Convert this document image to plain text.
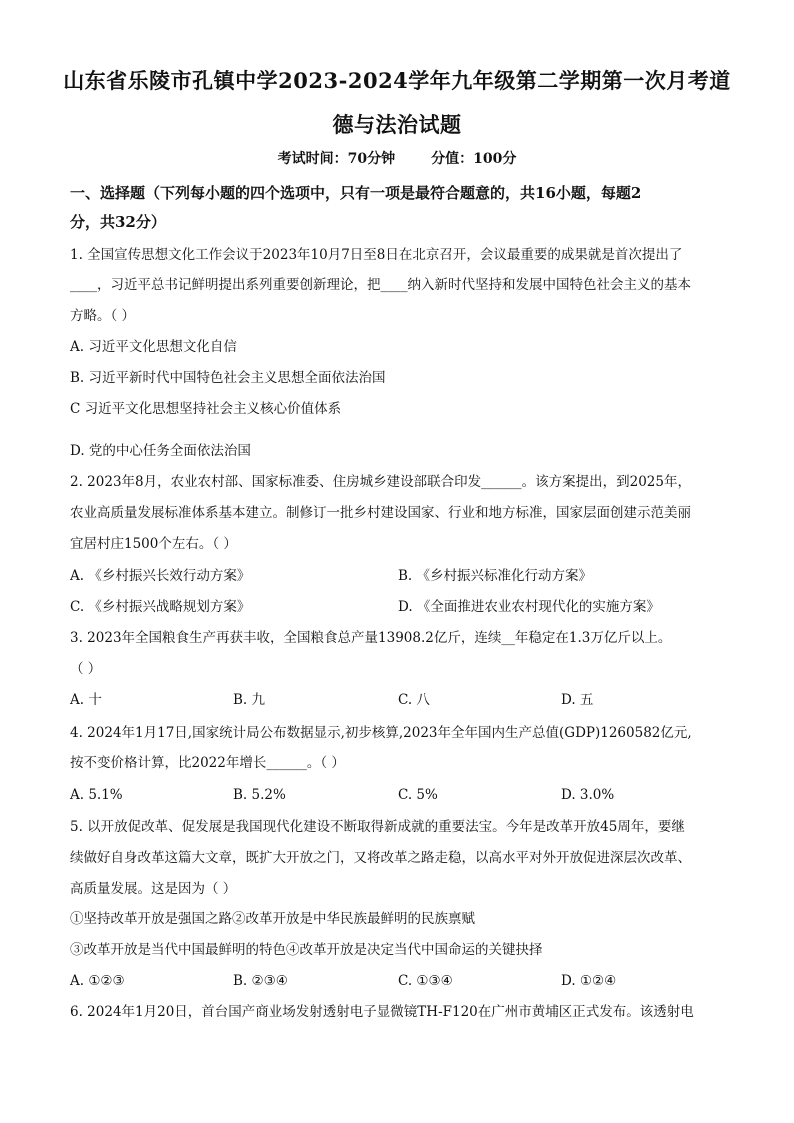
山东省乐陵市孔镇中学2023-2024学年九年级第二学期第一次月考道
德与法治试题
考试时间：70分钟	分值：100分
一、选择题（下列每小题的四个选项中，只有一项是最符合题意的，共16小题，每题2
分，共32分）
1. 全国宣传思想文化工作会议于2023年10月7日至8日在北京召开，会议最重要的成果就是首次提出了
____，习近平总书记鲜明提出系列重要创新理论，把____纳入新时代坚持和发展中国特色社会主义的基本
方略。（ ）
A. 习近平文化思想文化自信
B. 习近平新时代中国特色社会主义思想全面依法治国
C 习近平文化思想坚持社会主义核心价值体系
D. 党的中心任务全面依法治国
2. 2023年8月，农业农村部、国家标准委、住房城乡建设部联合印发______。该方案提出，到2025年，
农业高质量发展标准体系基本建立。制修订一批乡村建设国家、行业和地方标准，国家层面创建示范美丽
宜居村庄1500个左右。（ ）
A. 《乡村振兴长效行动方案》	B. 《乡村振兴标准化行动方案》
C. 《乡村振兴战略规划方案》	D. 《全面推进农业农村现代化的实施方案》
3. 2023年全国粮食生产再获丰收，全国粮食总产量13908.2亿斤，连续__年稳定在1.3万亿斤以上。
（ ）
A. 十	B. 九	C. 八	D. 五
4. 2024年1月17日,国家统计局公布数据显示,初步核算,2023年全年国内生产总值(GDP)1260582亿元,
按不变价格计算，比2022年增长______。（ ）
A. 5.1%	B. 5.2%	C. 5%	D. 3.0%
5. 以开放促改革、促发展是我国现代化建设不断取得新成就的重要法宝。今年是改革开放45周年，要继
续做好自身改革这篇大文章，既扩大开放之门，又将改革之路走稳，以高水平对外开放促进深层次改革、
高质量发展。这是因为（ ）
①坚持改革开放是强国之路②改革开放是中华民族最鲜明的民族禀赋
③改革开放是当代中国最鲜明的特色④改革开放是决定当代中国命运的关键抉择
A. ①②③	B. ②③④	C. ①③④	D. ①②④
6. 2024年1月20日，首台国产商业场发射透射电子显微镜TH-F120在广州市黄埔区正式发布。该透射电
